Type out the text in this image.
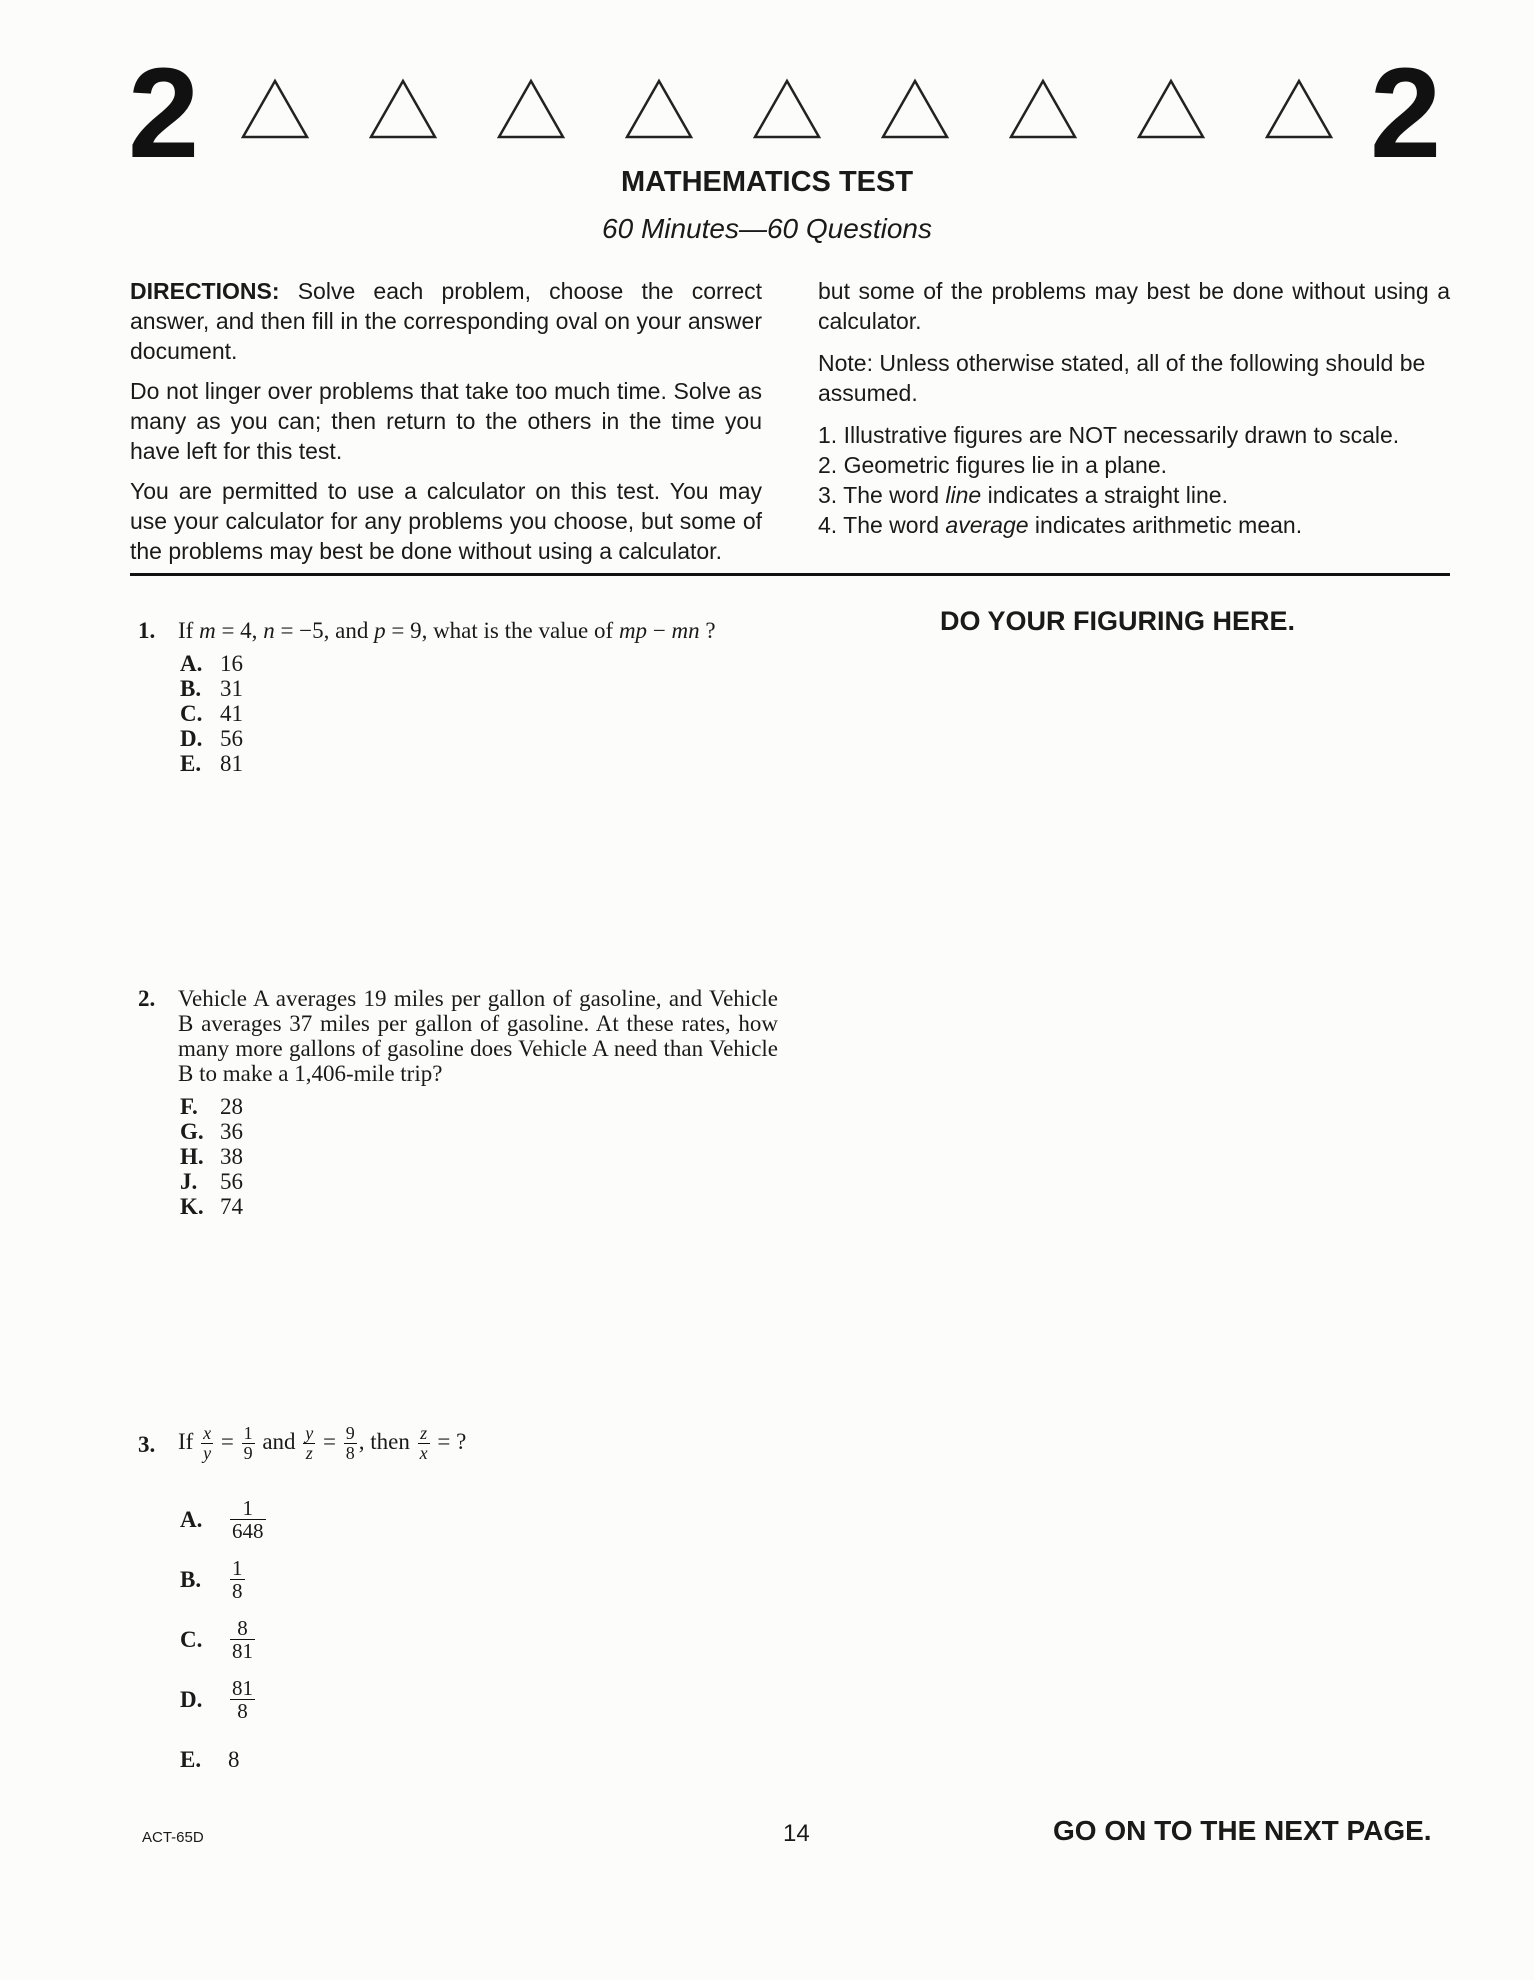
2	2
MATHEMATICS TEST
60 Minutes—60 Questions

DIRECTIONS: Solve each problem, choose the correct answer, and then fill in the corresponding oval on your answer document.

Do not linger over problems that take too much time. Solve as many as you can; then return to the others in the time you have left for this test.

You are permitted to use a calculator on this test. You may use your calculator for any problems you choose, but some of the problems may best be done without using a calculator.

but some of the problems may best be done without using a calculator.

Note: Unless otherwise stated, all of the following should be assumed.

1. Illustrative figures are NOT necessarily drawn to scale.
2. Geometric figures lie in a plane.
3. The word line indicates a straight line.
4. The word average indicates arithmetic mean.
DO YOUR FIGURING HERE.
1. If m = 4, n = −5, and p = 9, what is the value of mp − mn ?
A. 16
B. 31
C. 41
D. 56
E. 81
2. Vehicle A averages 19 miles per gallon of gasoline, and Vehicle B averages 37 miles per gallon of gasoline. At these rates, how many more gallons of gasoline does Vehicle A need than Vehicle B to make a 1,406-mile trip?
F. 28
G. 36
H. 38
J. 56
K. 74
3. If $\frac{x}{y} = \frac{1}{9}$ and $\frac{y}{z} = \frac{9}{8}$ , then $\frac{z}{x}$ = ?
A.	$\frac{1}{648}$
B.	$\frac{1}{8}$
C.	$\frac{8}{81}$
D.	$\frac{81}{8}$
E.	8
ACT-65D	14	GO ON TO THE NEXT PAGE.
